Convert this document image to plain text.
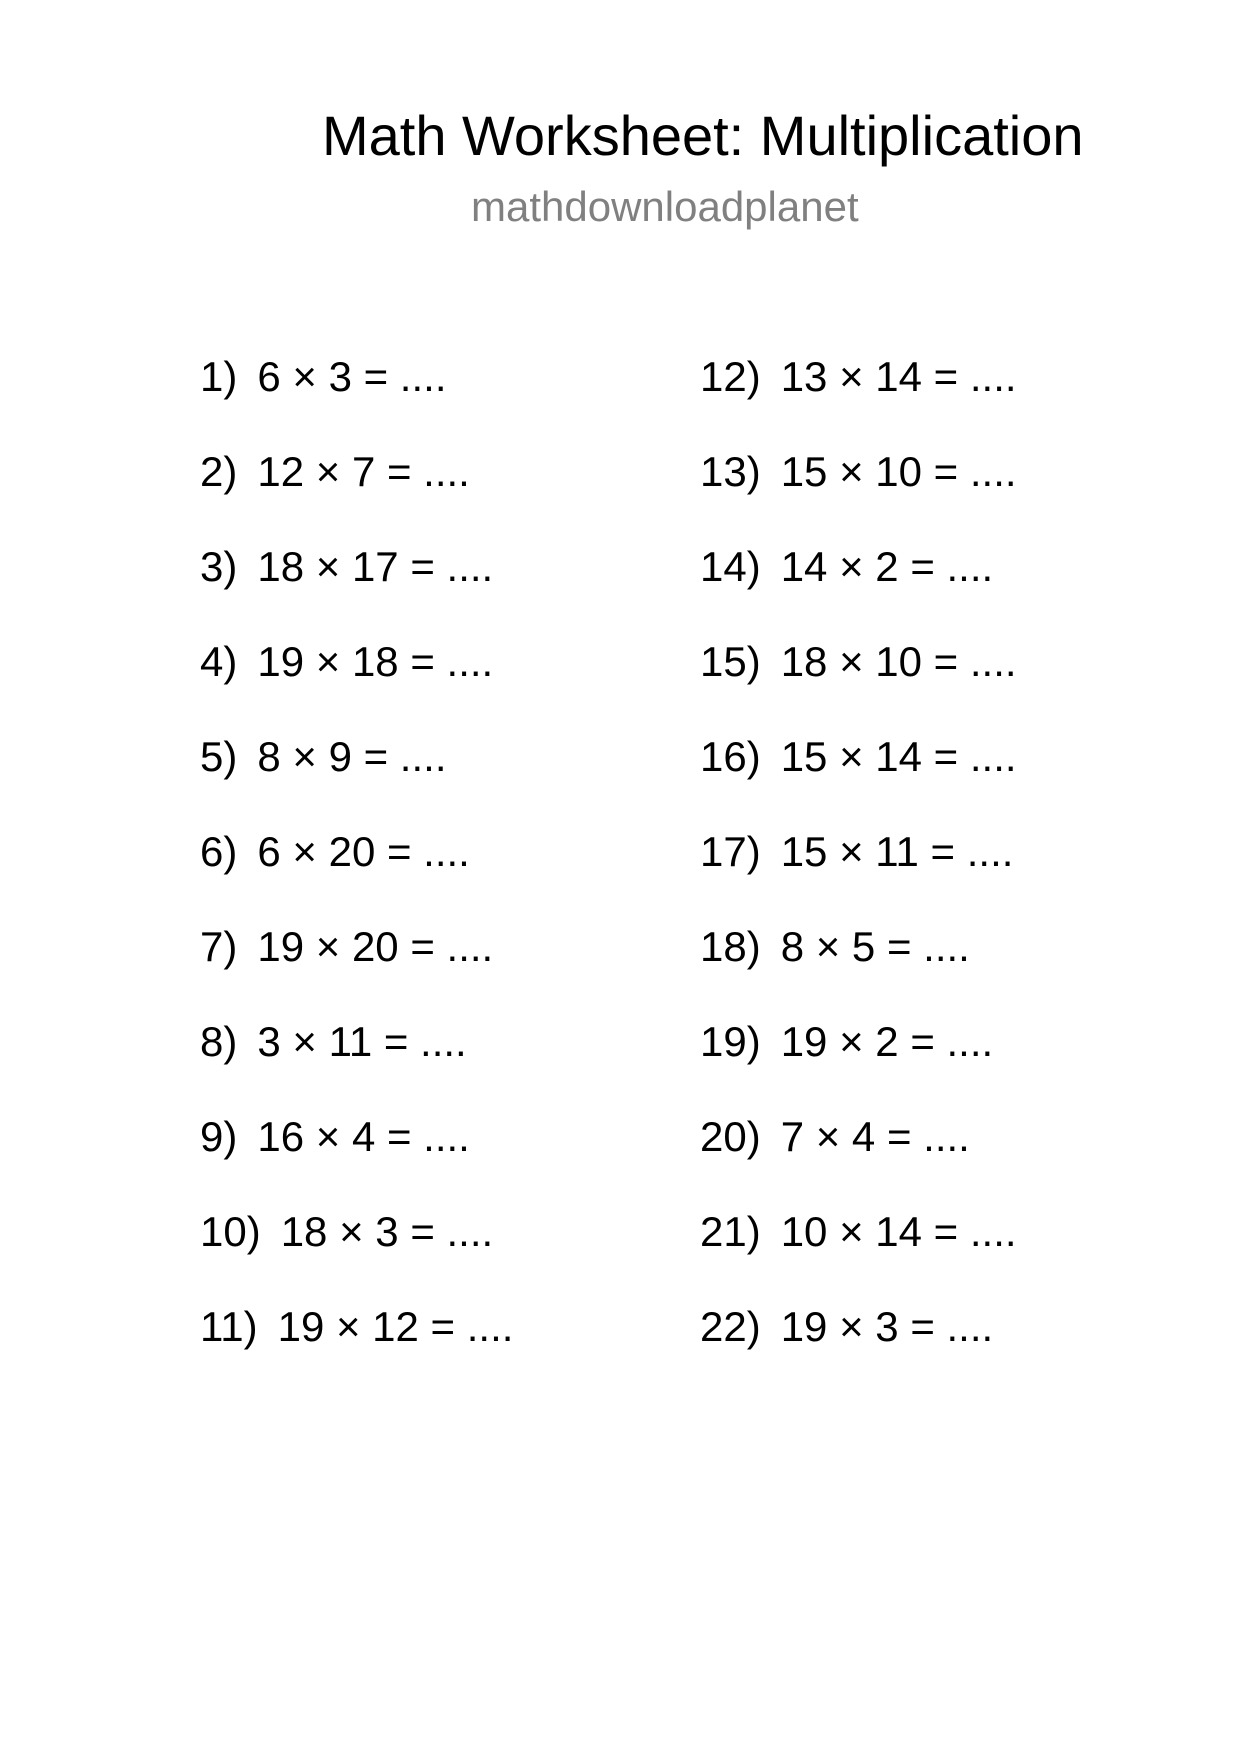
Math Worksheet: Multiplication
mathdownloadplanet
1) 6 × 3 = ....
2) 12 × 7 = ....
3) 18 × 17 = ....
4) 19 × 18 = ....
5) 8 × 9 = ....
6) 6 × 20 = ....
7) 19 × 20 = ....
8) 3 × 11 = ....
9) 16 × 4 = ....
10) 18 × 3 = ....
11) 19 × 12 = ....
12) 13 × 14 = ....
13) 15 × 10 = ....
14) 14 × 2 = ....
15) 18 × 10 = ....
16) 15 × 14 = ....
17) 15 × 11 = ....
18) 8 × 5 = ....
19) 19 × 2 = ....
20) 7 × 4 = ....
21) 10 × 14 = ....
22) 19 × 3 = ....
